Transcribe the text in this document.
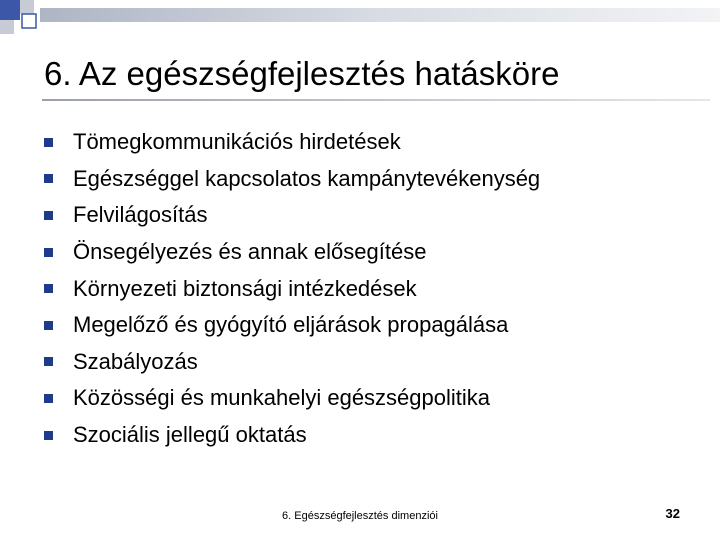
6. Az egészségfejlesztés hatásköre
Tömegkommunikációs hirdetések
Egészséggel kapcsolatos kampánytevékenység
Felvilágosítás
Önsegélyezés és annak elősegítése
Környezeti biztonsági intézkedések
Megelőző és gyógyító eljárások propagálása
Szabályozás
Közösségi és munkahelyi egészségpolitika
Szociális jellegű oktatás
6. Egészségfejlesztés dimenziói	32
